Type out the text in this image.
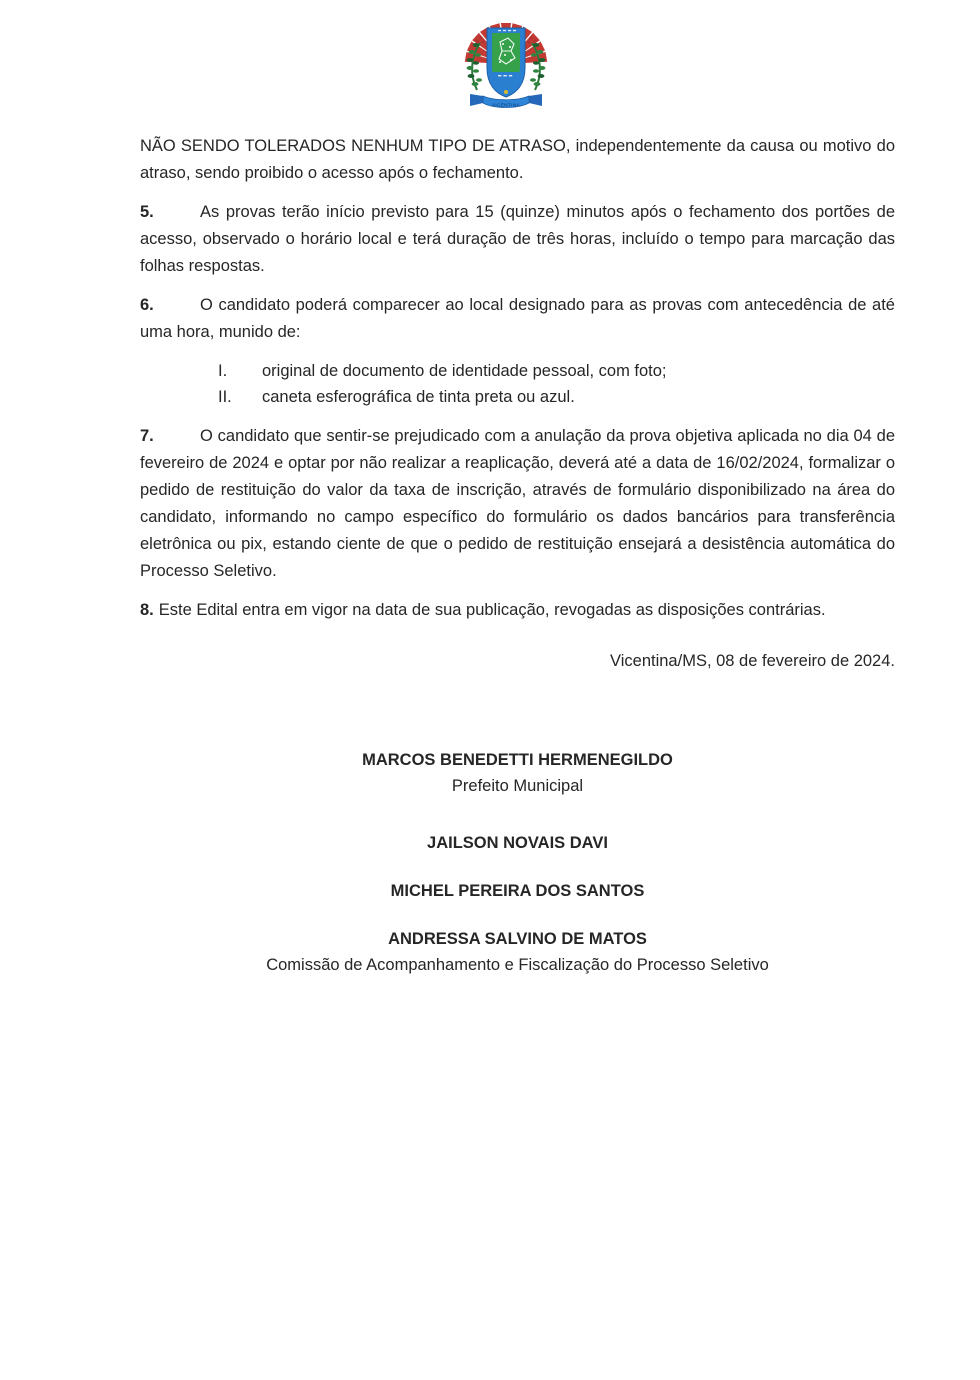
VICENTINA

NÃO SENDO TOLERADOS NENHUM TIPO DE ATRASO, independentemente da causa ou motivo do atraso, sendo proibido o acesso após o fechamento.

5.	As provas terão início previsto para 15 (quinze) minutos após o fechamento dos portões de acesso, observado o horário local e terá duração de três horas, incluído o tempo para marcação das folhas respostas.

6.	O candidato poderá comparecer ao local designado para as provas com antecedência de até uma hora, munido de:

I.	original de documento de identidade pessoal, com foto;
II.	caneta esferográfica de tinta preta ou azul.

7.	O candidato que sentir-se prejudicado com a anulação da prova objetiva aplicada no dia 04 de fevereiro de 2024 e optar por não realizar a reaplicação, deverá até a data de 16/02/2024, formalizar o pedido de restituição do valor da taxa de inscrição, através de formulário disponibilizado na área do candidato, informando no campo específico do formulário os dados bancários para transferência eletrônica ou pix, estando ciente de que o pedido de restituição ensejará a desistência automática do Processo Seletivo.

8. Este Edital entra em vigor na data de sua publicação, revogadas as disposições contrárias.

Vicentina/MS, 08 de fevereiro de 2024.

MARCOS BENEDETTI HERMENEGILDO
Prefeito Municipal
JAILSON NOVAIS DAVI
MICHEL PEREIRA DOS SANTOS
ANDRESSA SALVINO DE MATOS
Comissão de Acompanhamento e Fiscalização do Processo Seletivo
